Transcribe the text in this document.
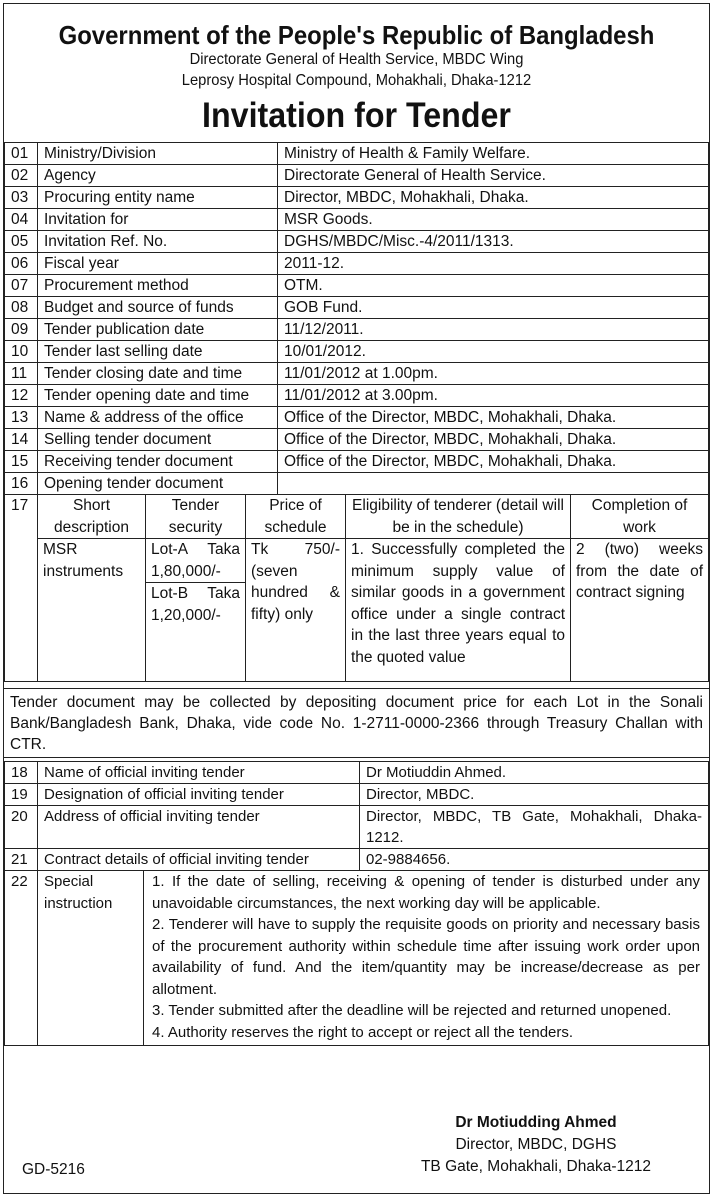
Government of the People's Republic of Bangladesh
Directorate General of Health Service, MBDC Wing
Leprosy Hospital Compound, Mohakhali, Dhaka-1212
Invitation for Tender
01	Ministry/Division	Ministry of Health & Family Welfare.
02	Agency	Directorate General of Health Service.
03	Procuring entity name	Director, MBDC, Mohakhali, Dhaka.
04	Invitation for	MSR Goods.
05	Invitation Ref. No.	DGHS/MBDC/Misc.-4/2011/1313.
06	Fiscal year	2011-12.
07	Procurement method	OTM.
08	Budget and source of funds	GOB Fund.
09	Tender publication date	11/12/2011.
10	Tender last selling date	10/01/2012.
11	Tender closing date and time	11/01/2012 at 1.00pm.
12	Tender opening date and time	11/01/2012 at 3.00pm.
13	Name & address of the office	Office of the Director, MBDC, Mohakhali, Dhaka.
14	Selling tender document	Office of the Director, MBDC, Mohakhali, Dhaka.
15	Receiving tender document	Office of the Director, MBDC, Mohakhali, Dhaka.
16	Opening tender document	
17	Short description	Tender security	Price of schedule	Eligibility of tenderer (detail will be in the schedule)	Completion of work
	MSR instruments	Lot-A Taka 1,80,000/-	Tk 750/- (seven hundred & fifty) only	1. Successfully completed the minimum supply value of similar goods in a government office under a single contract in the last three years equal to the quoted value	2 (two) weeks from the date of contract signing
		Lot-B Taka 1,20,000/-			
Tender document may be collected by depositing document price for each Lot in the Sonali Bank/Bangladesh Bank, Dhaka, vide code No. 1-2711-0000-2366 through Treasury Challan with CTR.
18	Name of official inviting tender	Dr Motiuddin Ahmed.
19	Designation of official inviting tender	Director, MBDC.
20	Address of official inviting tender	Director, MBDC, TB Gate, Mohakhali, Dhaka-1212.
21	Contract details of official inviting tender	02-9884656.
22	Special instruction	
1. If the date of selling, receiving & opening of tender is disturbed under any unavoidable circumstances, the next working day will be applicable.
2. Tenderer will have to supply the requisite goods on priority and necessary basis of the procurement authority within schedule time after issuing work order upon availability of fund. And the item/quantity may be increase/decrease as per allotment.
3. Tender submitted after the deadline will be rejected and returned unopened.
4. Authority reserves the right to accept or reject all the tenders.
Dr Motiudding Ahmed
Director, MBDC, DGHS
TB Gate, Mohakhali, Dhaka-1212
GD-5216
